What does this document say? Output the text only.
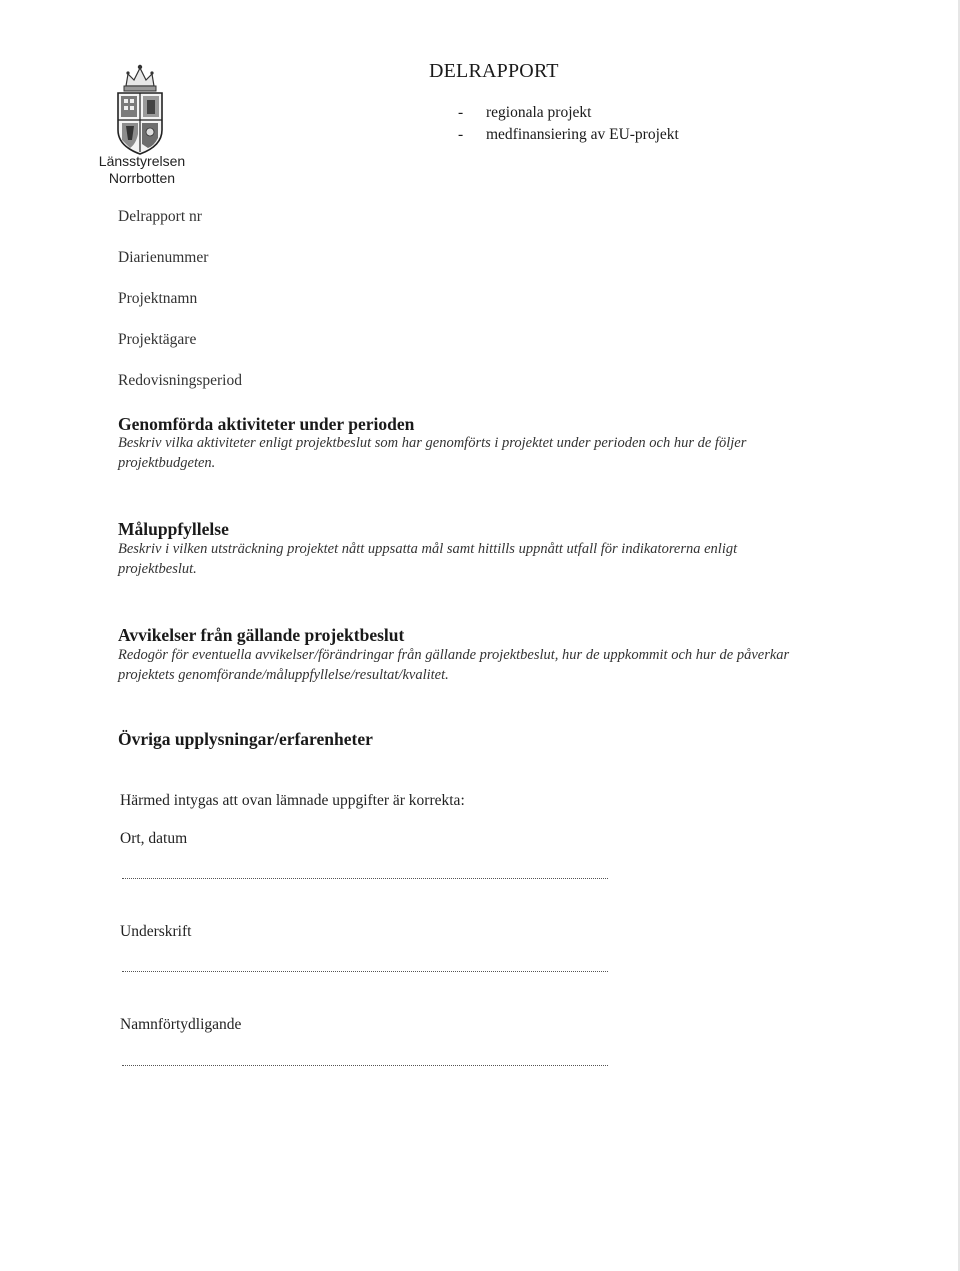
Länsstyrelsen
Norrbotten
DELRAPPORT
- regionala projekt
- medfinansiering av EU-projekt
Delrapport nr
Diarienummer
Projektnamn
Projektägare
Redovisningsperiod
Genomförda aktiviteter under perioden
Beskriv vilka aktiviteter enligt projektbeslut som har genomförts i projektet under perioden och hur de följer projektbudgeten.
Måluppfyllelse
Beskriv i vilken utsträckning projektet nått uppsatta mål samt hittills uppnått utfall för indikatorerna enligt projektbeslut.
Avvikelser från gällande projektbeslut
Redogör för eventuella avvikelser/förändringar från gällande projektbeslut, hur de uppkommit och hur de påverkar projektets genomförande/måluppfyllelse/resultat/kvalitet.
Övriga upplysningar/erfarenheter
Härmed intygas att ovan lämnade uppgifter är korrekta:
Ort, datum
Underskrift
Namnförtydligande
